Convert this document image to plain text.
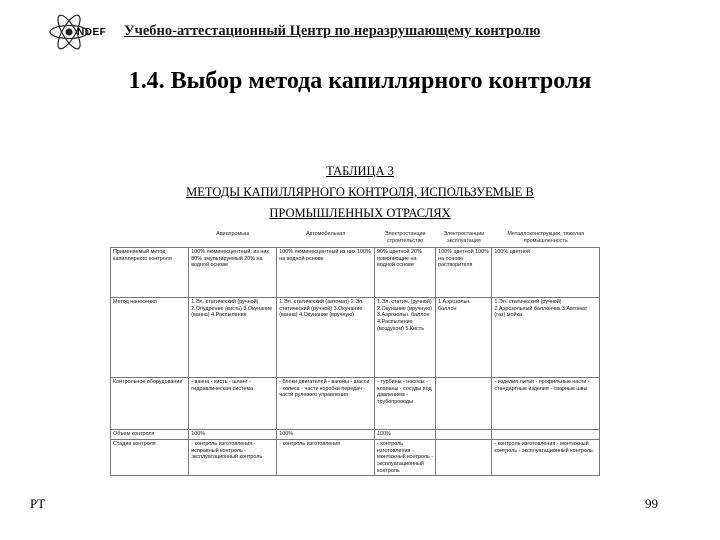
NDEF Учебно-аттестационный Центр по неразрушающему контролю
1.4. Выбор метода капиллярного контроля
ТАБЛИЦА 3
МЕТОДЫ КАПИЛЛЯРНОГО КОНТРОЛЯ, ИСПОЛЬЗУЕМЫЕ В
ПРОМЫШЛЕННЫХ ОТРАСЛЯХ
	Авиапромыш	Автомобильная	Электростанции строительство	Электростанции эксплуатация	Металлоконструкции, тяжелая промышленность
Применяемый метод капиллярного контроля	100% люминесцентный: из них 80% эмульгируемый 20% на водной основе	100% люминесцентный из них 100% на водной основе	90% цветной 20% помогающие на водной основе	100% цветной 100% на основе растворителя	100% цветной
Метод нанесения	1.Эл. статический (ручной) 2.Опудрение (кисть) 3.Окунание (ванна) 4.Распыление	1.Эл. статический (автомат) 2.Эл. статический (ручной) 3.Окунание (ванна) 4.Окунание (вручную)	1.Эл. статич. (ручной) 2.Окунание (вручную) 3.Аэрозольн. баллон 4.Распыление (воздухом) 5.Кисть	1.Аэрозольн. баллон	1.Эл. статический (ручной) 2.Аэрозольный баллончик 3.Автомат (газ) мойка
Контрольное оборудование	- ванна - кисть - шланг - гидравлическая система	- блоки двигателей - вагоны - шасси - колеса - части коробки передач - части рулевого управления	- турбины - насосы - клапаны - сосуды под давлением - трубопроводы		- изделия литья - профильные части - стандартные изделия - сварные швы
Объем контроля	100%	100%	100%		
Стадия контроля	- контроль изготовления - исправный контроль - эксплуатационный контроль	- контроль изготовления	- контроль изготовления - монтажный контроль - эксплуатационный контроль		- контроль изготовления - монтажный контроль - эксплуатационный контроль
PT	99
